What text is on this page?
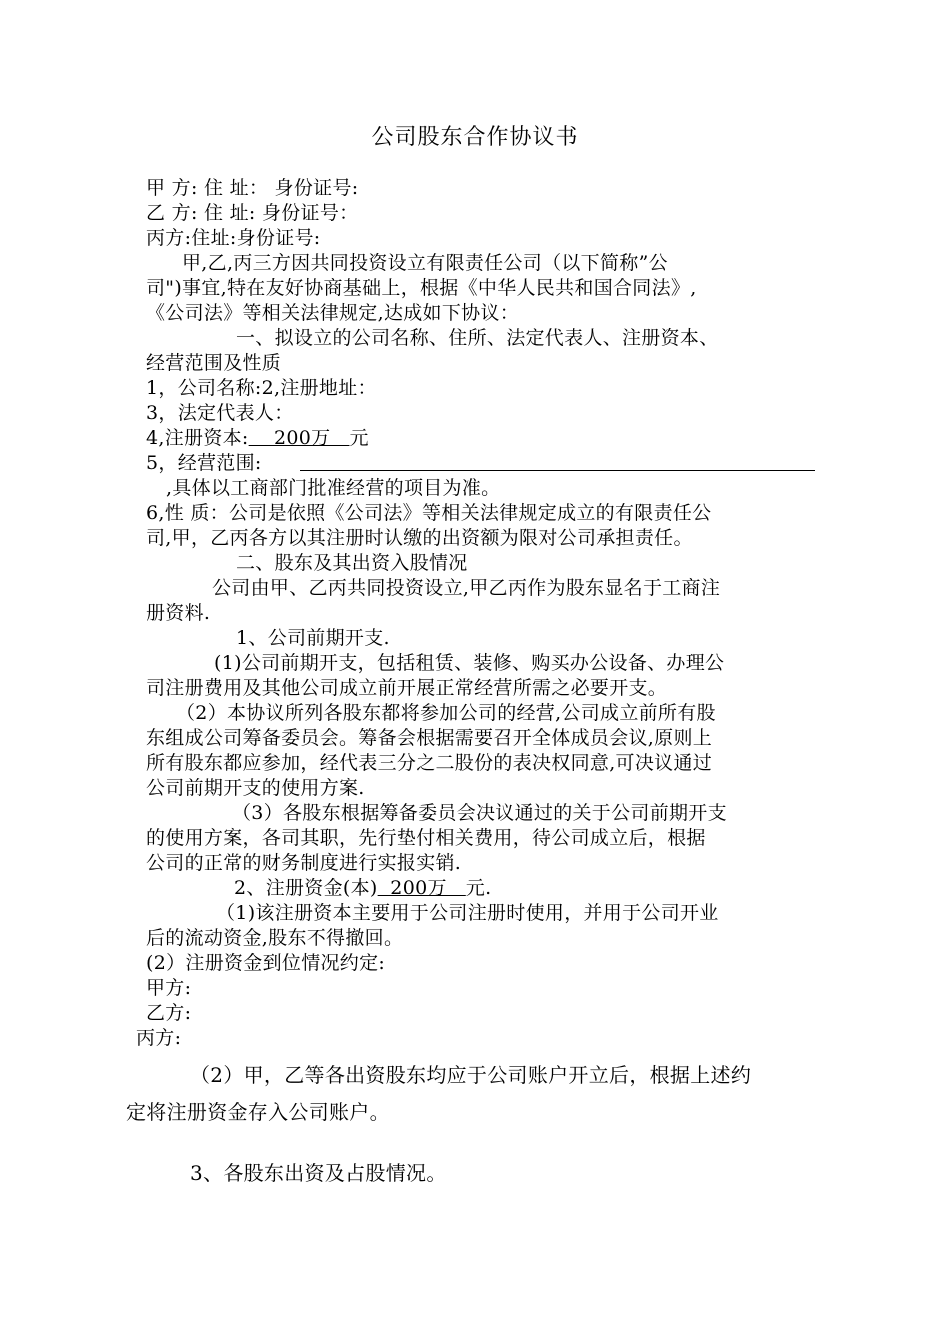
公司股东合作协议书
甲 方: 住 址： 身份证号:
乙 方: 住 址: 身份证号：
丙方:住址:身份证号:
甲,乙,丙三方因共同投资设立有限责任公司（以下简称”公
司")事宜,特在友好协商基础上，根据《中华人民共和国合同法》,
《公司法》等相关法律规定,达成如下协议：
一、拟设立的公司名称、住所、法定代表人、注册资本、
经营范围及性质
1，公司名称:2,注册地址：
3，法定代表人：
4,注册资本:    200万   元
5，经营范围:
,具体以工商部门批准经营的项目为准。
6,性 质：公司是依照《公司法》等相关法律规定成立的有限责任公
司,甲，乙丙各方以其注册时认缴的出资额为限对公司承担责任。
二、股东及其出资入股情况
公司由甲、乙丙共同投资设立,甲乙丙作为股东显名于工商注
册资料.
1、公司前期开支.
(1)公司前期开支，包括租赁、装修、购买办公设备、办理公
司注册费用及其他公司成立前开展正常经营所需之必要开支。
（2）本协议所列各股东都将参加公司的经营,公司成立前所有股
东组成公司筹备委员会。筹备会根据需要召开全体成员会议,原则上
所有股东都应参加，经代表三分之二股份的表决权同意,可决议通过
公司前期开支的使用方案.
（3）各股东根据筹备委员会决议通过的关于公司前期开支
的使用方案，各司其职，先行垫付相关费用，待公司成立后，根据
公司的正常的财务制度进行实报实销.
2、注册资金(本)  200万   元.
（1)该注册资本主要用于公司注册时使用，并用于公司开业
后的流动资金,股东不得撤回。
(2）注册资金到位情况约定:
甲方:
乙方:
丙方:
（2）甲，乙等各出资股东均应于公司账户开立后，根据上述约
定将注册资金存入公司账户。
3、各股东出资及占股情况。
